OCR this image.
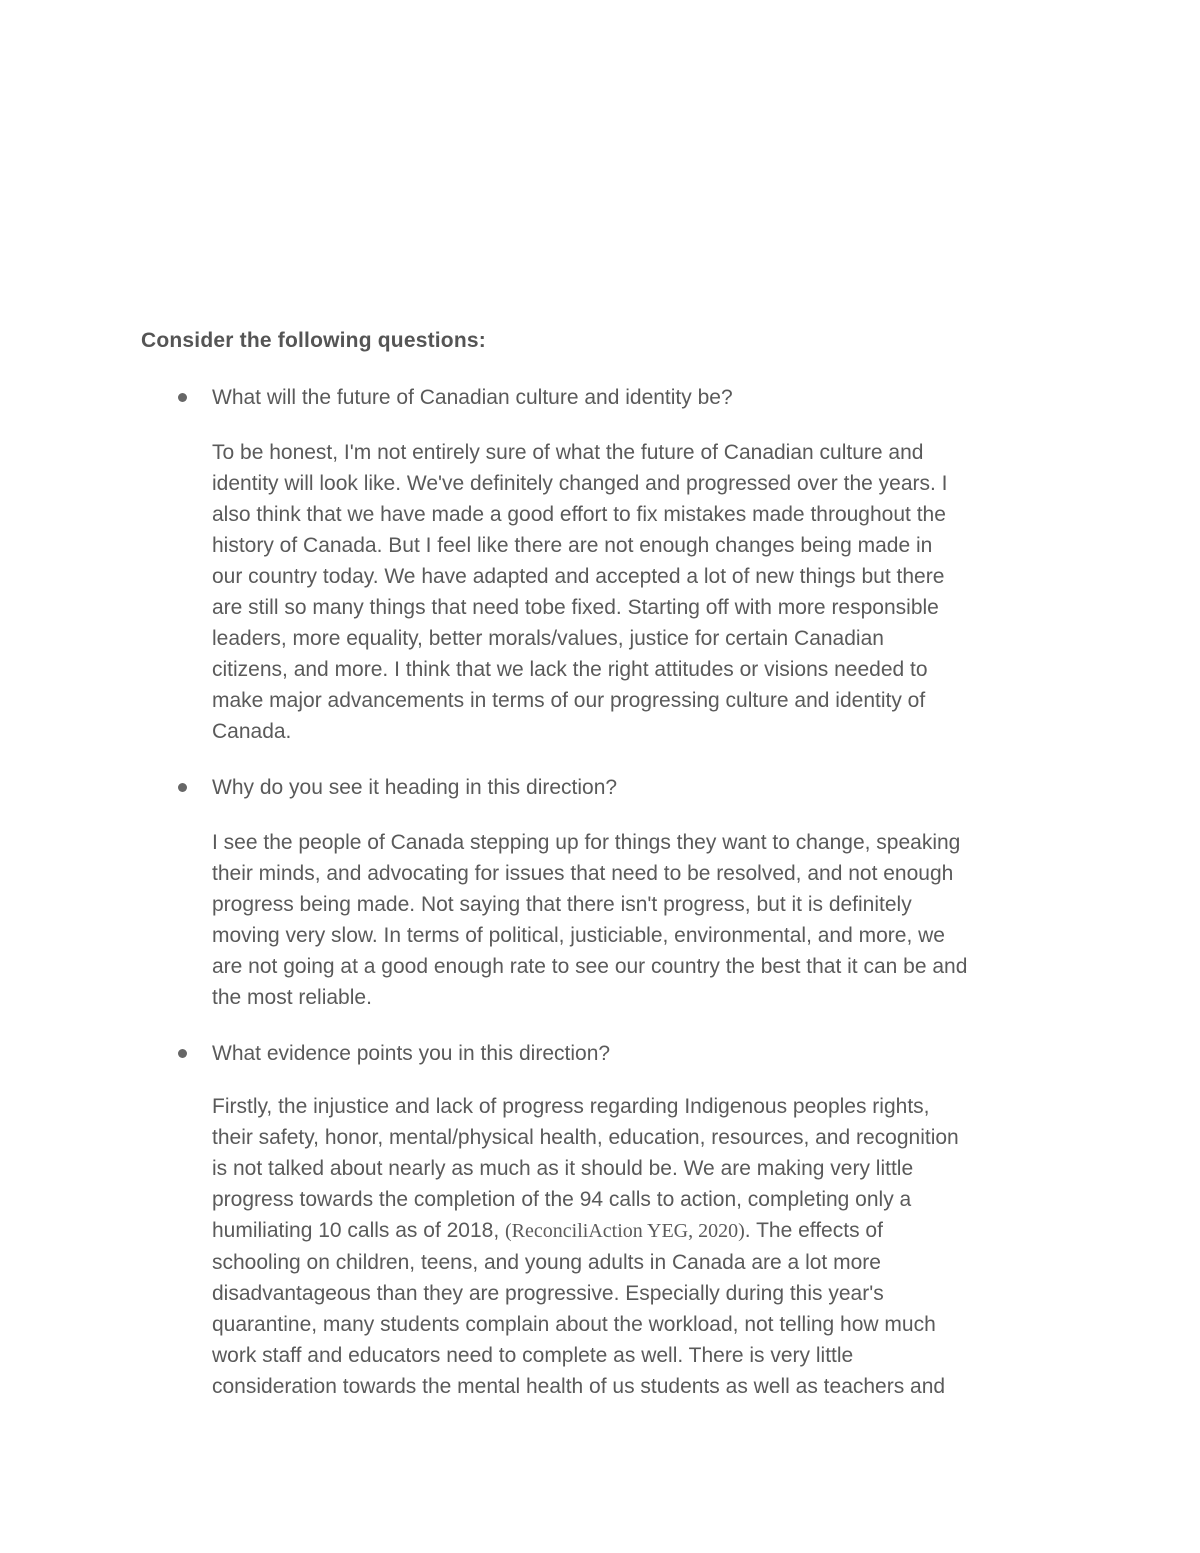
Consider the following questions:
What will the future of Canadian culture and identity be?
To be honest, I'm not entirely sure of what the future of Canadian culture and
identity will look like. We've definitely changed and progressed over the years. I
also think that we have made a good effort to fix mistakes made throughout the
history of Canada. But I feel like there are not enough changes being made in
our country today. We have adapted and accepted a lot of new things but there
are still so many things that need tobe fixed. Starting off with more responsible
leaders, more equality, better morals/values, justice for certain Canadian
citizens, and more. I think that we lack the right attitudes or visions needed to
make major advancements in terms of our progressing culture and identity of
Canada.
Why do you see it heading in this direction?
I see the people of Canada stepping up for things they want to change, speaking
their minds, and advocating for issues that need to be resolved, and not enough
progress being made. Not saying that there isn't progress, but it is definitely
moving very slow. In terms of political, justiciable, environmental, and more, we
are not going at a good enough rate to see our country the best that it can be and
the most reliable.
What evidence points you in this direction?
Firstly, the injustice and lack of progress regarding Indigenous peoples rights,
their safety, honor, mental/physical health, education, resources, and recognition
is not talked about nearly as much as it should be. We are making very little
progress towards the completion of the 94 calls to action, completing only a
humiliating 10 calls as of 2018, (ReconciliAction YEG, 2020). The effects of
schooling on children, teens, and young adults in Canada are a lot more
disadvantageous than they are progressive. Especially during this year's
quarantine, many students complain about the workload, not telling how much
work staff and educators need to complete as well. There is very little
consideration towards the mental health of us students as well as teachers and
